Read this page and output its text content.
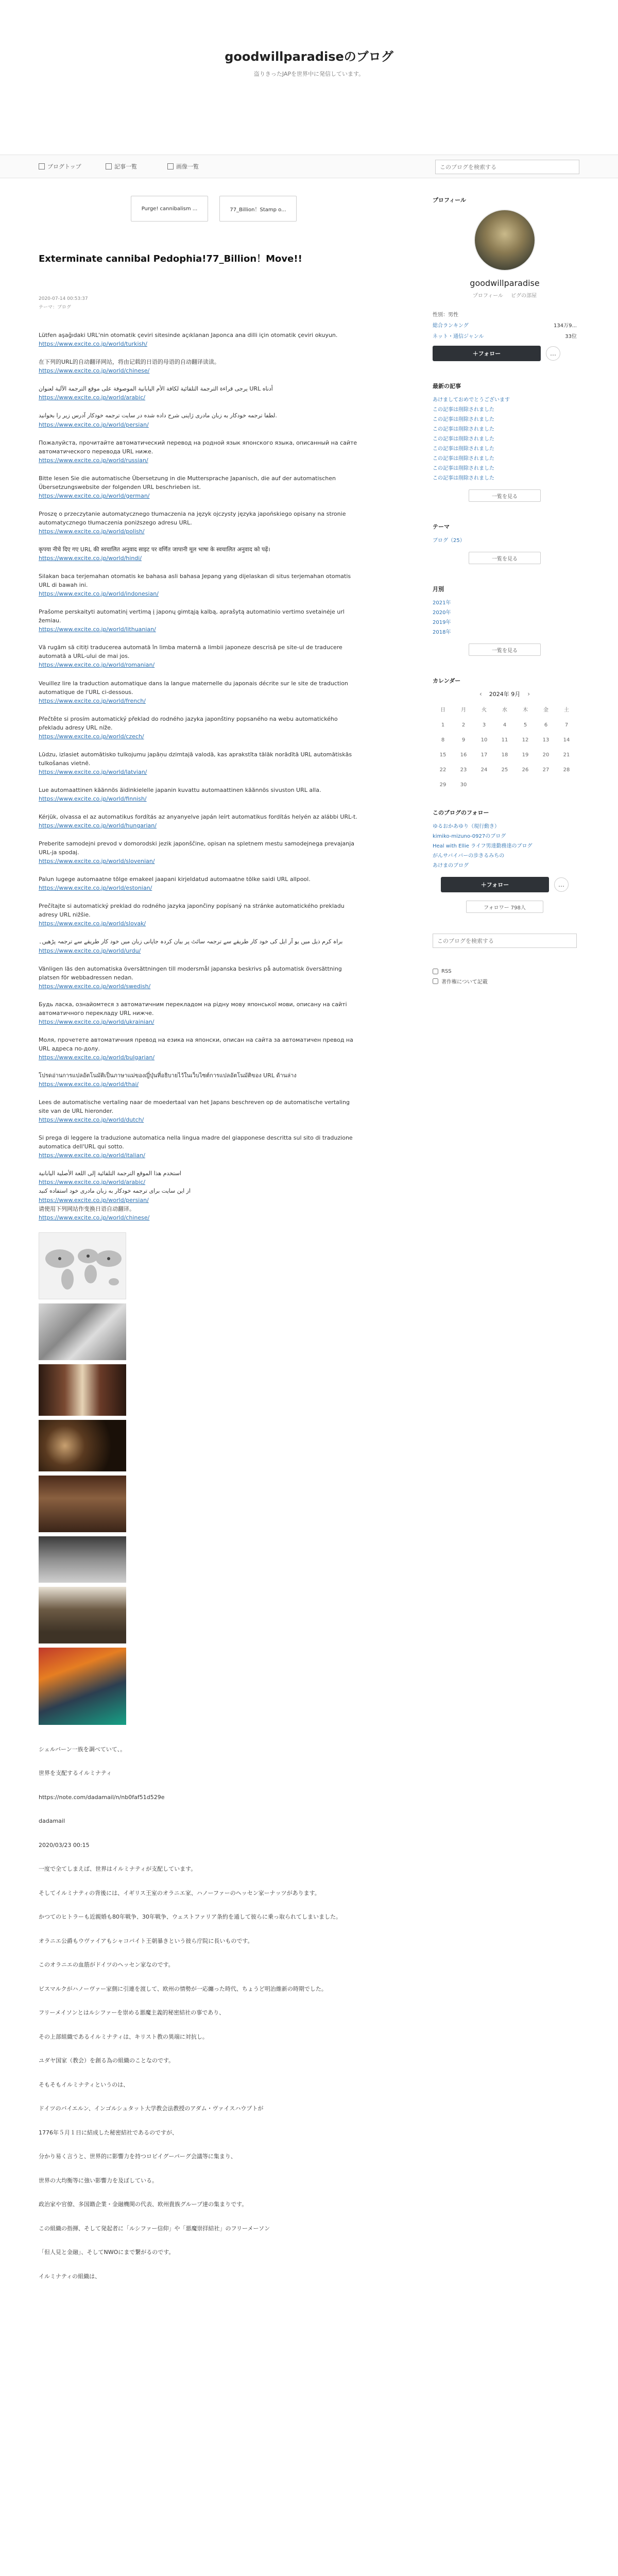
goodwillparadiseのブログ
盗りきったJAPを世界中に発信しています。
ブログトップ	記事一覧	画像一覧
このブログを検索する
Purge! cannibalism ...	77_Billion！Stamp o...
Exterminate cannibal Pedophia!77_Billion！Move!!
2020-07-14 00:53:37
テーマ：ブログ
Lütfen aşağıdaki URL'nin otomatik çeviri sitesinde açıklanan Japonca ana dilli için otomatik çeviri okuyun.
https://www.excite.co.jp/world/turkish/
在下列的URL的自动翻译网站，将由记载的日语的母语的自动翻译读读。
https://www.excite.co.jp/world/chinese/
يرجى قراءة الترجمة التلقائية لكافة الأم اليابانية الموصوفة على موقع الترجمة الآلية لعنوان URL أدناه
https://www.excite.co.jp/world/arabic/
لطفا ترجمه خودکار به زبان مادری ژاپنی شرح داده شده در سایت ترجمه خودکار آدرس زیر را بخوانید.
https://www.excite.co.jp/world/persian/
Пожалуйста, прочитайте автоматический перевод на родной язык японского языка, описанный на сайте автоматического перевода URL ниже.
https://www.excite.co.jp/world/russian/
Bitte lesen Sie die automatische Übersetzung in die Muttersprache Japanisch, die auf der automatischen Übersetzungswebsite der folgenden URL beschrieben ist.
https://www.excite.co.jp/world/german/
Proszę o przeczytanie automatycznego tłumaczenia na język ojczysty języka japońskiego opisany na stronie automatycznego tłumaczenia poniższego adresu URL.
https://www.excite.co.jp/world/polish/
कृपया नीचे दिए गए URL की स्वचालित अनुवाद साइट पर वर्णित जापानी मूल भाषा के स्वचालित अनुवाद को पढ़ें।
https://www.excite.co.jp/world/hindi/
Silakan baca terjemahan otomatis ke bahasa asli bahasa Jepang yang dijelaskan di situs terjemahan otomatis URL di bawah ini.
https://www.excite.co.jp/world/indonesian/
Prašome perskaityti automatinį vertimą į japonų gimtąją kalbą, aprašytą automatinio vertimo svetainėje url žemiau.
https://www.excite.co.jp/world/lithuanian/
Vă rugăm să citiți traducerea automată în limba maternă a limbii japoneze descrisă pe site-ul de traducere automată a URL-ului de mai jos.
https://www.excite.co.jp/world/romanian/
Veuillez lire la traduction automatique dans la langue maternelle du japonais décrite sur le site de traduction automatique de l'URL ci-dessous.
https://www.excite.co.jp/world/french/
Přečtěte si prosím automatický překlad do rodného jazyka japonštiny popsaného na webu automatického překladu adresy URL níže.
https://www.excite.co.jp/world/czech/
Lūdzu, izlasiet automātisko tulkojumu japāņu dzimtajā valodā, kas aprakstīta tālāk norādītā URL automātiskās tulkošanas vietnē.
https://www.excite.co.jp/world/latvian/
Lue automaattinen käännös äidinkielelle japanin kuvattu automaattinen käännös sivuston URL alla.
https://www.excite.co.jp/world/finnish/
Kérjük, olvassa el az automatikus fordítás az anyanyelve japán leírt automatikus fordítás helyén az alábbi URL-t.
https://www.excite.co.jp/world/hungarian/
Preberite samodejni prevod v domorodski jezik japonščine, opisan na spletnem mestu samodejnega prevajanja URL-ja spodaj.
https://www.excite.co.jp/world/slovenian/
Palun lugege automaatne tõlge emakeel jaapani kirjeldatud automaatne tõlke saidi URL allpool.
https://www.excite.co.jp/world/estonian/
Prečítajte si automatický preklad do rodného jazyka japončiny popísaný na stránke automatického prekladu adresy URL nižšie.
https://www.excite.co.jp/world/slovak/
براہ کرم ذیل میں یو آر ایل کی خود کار طریقے سے ترجمہ سائٹ پر بیان کردہ جاپانی زبان میں خود کار طریقے سے ترجمہ پڑھیں۔
https://www.excite.co.jp/world/urdu/
Vänligen läs den automatiska översättningen till modersmål japanska beskrivs på automatisk översättning platsen för webbadressen nedan.
https://www.excite.co.jp/world/swedish/
Будь ласка, ознайомтеся з автоматичним перекладом на рідну мову японської мови, описану на сайті автоматичного перекладу URL нижче.
https://www.excite.co.jp/world/ukrainian/
Моля, прочетете автоматичния превод на езика на японски, описан на сайта за автоматичен превод на URL адреса по-долу.
https://www.excite.co.jp/world/bulgarian/
โปรดอ่านการแปลอัตโนมัติเป็นภาษาแม่ของญี่ปุ่นที่อธิบายไว้ในเว็บไซต์การแปลอัตโนมัติของ URL ด้านล่าง
https://www.excite.co.jp/world/thai/
Lees de automatische vertaling naar de moedertaal van het Japans beschreven op de automatische vertaling site van de URL hieronder.
https://www.excite.co.jp/world/dutch/
Si prega di leggere la traduzione automatica nella lingua madre del giapponese descritta sul sito di traduzione automatica dell'URL qui sotto.
https://www.excite.co.jp/world/italian/
استخدم هذا الموقع الترجمة التلقائية إلى اللغة الأصلية اليابانية
https://www.excite.co.jp/world/arabic/
از این سایت برای ترجمه خودکار به زبان مادری خود استفاده کنید
https://www.excite.co.jp/world/persian/
请使用下列网站作变换日语自动翻译。
https://www.excite.co.jp/world/chinese/

シェルバーン一族を調べていて、。

世界を支配するイルミナティ

https://note.com/dadamail/n/nb0faf51d529e

dadamail

2020/03/23 00:15

一度で全てしまえば、世界はイルミナティが支配しています。

そしてイルミナティの背後には、イギリス王室のオラニエ家、ハノーファーのヘッセン家ーナッツがあります。

かつてのヒトラーも近親婚も80年戦争、30年戦争、ウェストファリア条約を通して彼らに乗っ取られてしまいました。

オラニエ公爵もウヴァイアもシャコバイト王朝暴きという彼ら庁院に長いものです。

このオラニエの血筋がドイツのヘッセン家なのです。

ビスマルクがハノーヴァー家側に引連を渡して、欧州の情勢が一応纏った時代、ちょうど明治維新の時期でした。

フリーメイソンとはルシファーを崇める悪魔主義的秘密結社の事であり、

その上部組織であるイルミナティは、キリスト教の異端に対抗し。

ユダヤ国家（教会）を創る為の組織のことなのです。

そもそもイルミナティというのは、

ドイツのバイエルン、インゴルシュタット大学教会法教授のアダム・ヴァイスハウプトが

1776年５月１日に結成した秘密結社であるのですが、

分かり易く言うと、世界的に影響力を持つロビイグーパーグ会議等に集まり、

世界の大均衡等に強い影響力を及ぼしている。

政治家や官僚、多国籍企業・金融機関の代表、欧州貴族グループ達の集まりです。

この組織の指揮、そして発起者に「ルシファー信仰」や「悪魔崇拝結社」のフリーメーソン

「但人見と金融」、そしてNWOにまで繋がるのです。

イルミナティの組織は、

プロフィール
goodwillparadise
プロフィール ピグの部屋
性別：男性
総合ランキング	134万9...
ネット・通信ジャンル	33位
＋フォロー	…
最新の記事
あけましておめでとうございます
この記事は削除されました
この記事は削除されました
この記事は削除されました
この記事は削除されました
この記事は削除されました
この記事は削除されました
この記事は削除されました
この記事は削除されました
一覧を見る
テーマ
ブログ（25）
一覧を見る
月別
2021年
2020年
2019年
2018年
一覧を見る
カレンダー
‹ 2024年 9月 ›
日	月	火	水	木	金	土
1	2	3	4	5	6	7
8	9	10	11	12	13	14
15	16	17	18	19	20	21
22	23	24	25	26	27	28
29	30
このブログのフォロー
ゆるおかあゆり（現行動き）
kimiko-mizuno-0927のブログ
Heal with Ellie ライフ男達勤務達のブログ
がんサバイバーの歩きるみちの
あけまのブログ
＋フォロー	…
フォロワー 798人
このブログを検索する
RSS
著作権について記載
